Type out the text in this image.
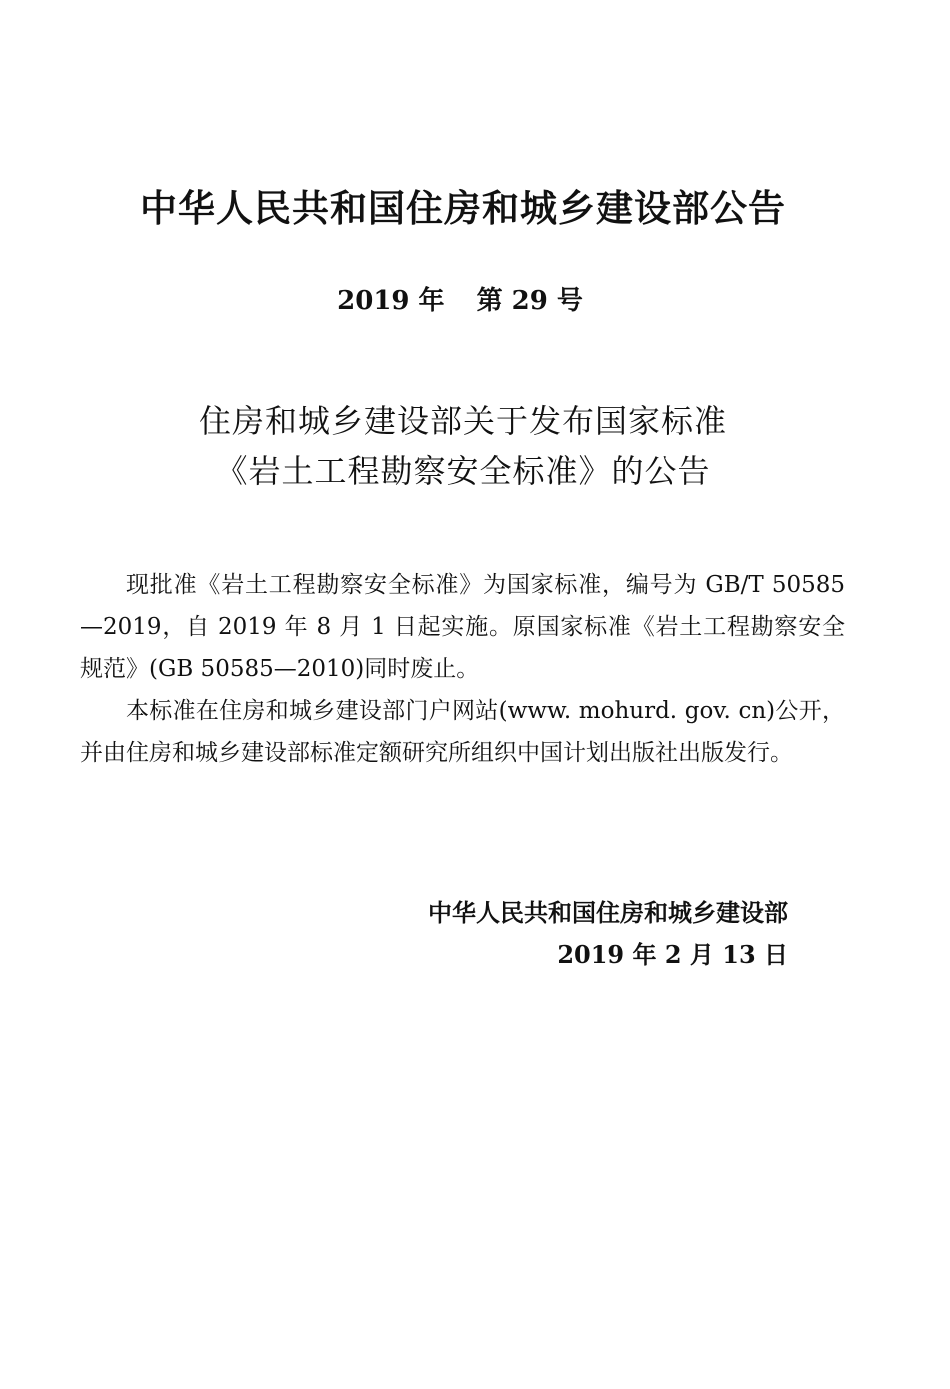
中华人民共和国住房和城乡建设部公告
2019 年 第 29 号
住房和城乡建设部关于发布国家标准
《岩土工程勘察安全标准》的公告

现批准《岩土工程勘察安全标准》为国家标准，编号为 GB/T 50585—2019，自 2019 年 8 月 1 日起实施。原国家标准《岩土工程勘察安全规范》(GB 50585—2010)同时废止。

本标准在住房和城乡建设部门户网站(www. mohurd. gov. cn)公开，并由住房和城乡建设部标准定额研究所组织中国计划出版社出版发行。

中华人民共和国住房和城乡建设部
2019 年 2 月 13 日
